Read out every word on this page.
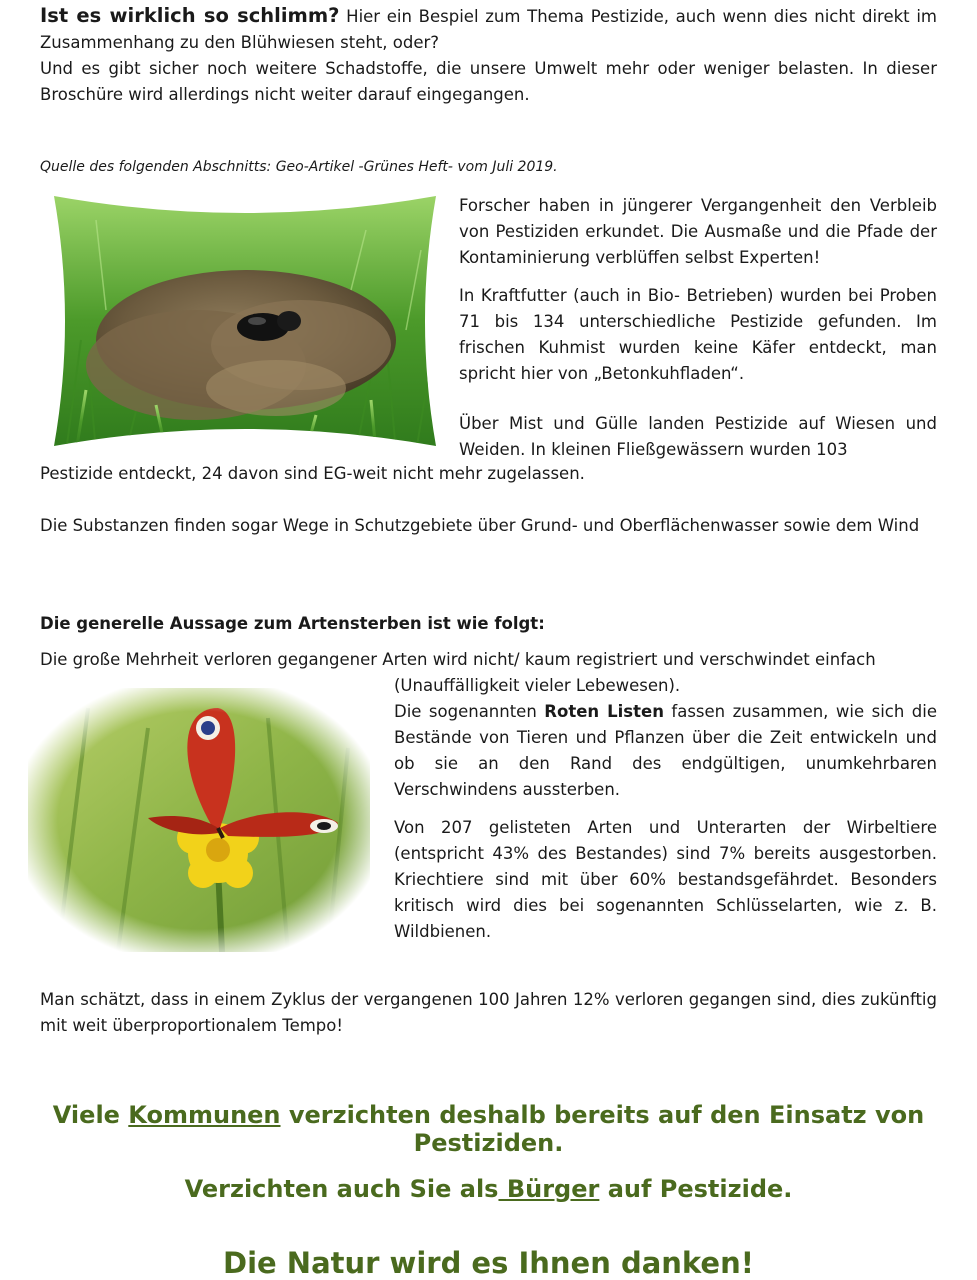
Ist es wirklich so schlimm? Hier ein Bespiel zum Thema Pestizide, auch wenn dies nicht direkt im Zusammenhang zu den Blühwiesen steht, oder?

Und es gibt sicher noch weitere Schadstoffe, die unsere Umwelt mehr oder weniger belasten. In dieser Broschüre wird allerdings nicht weiter darauf eingegangen.

Quelle des folgenden Abschnitts: Geo-Artikel -Grünes Heft- vom Juli 2019.

Forscher haben in jüngerer Vergangenheit den Verbleib von Pestiziden erkundet. Die Ausmaße und die Pfade der Kontaminierung verblüffen selbst Experten!

In Kraftfutter (auch in Bio- Betrieben) wurden bei Proben 71 bis 134 unterschiedliche Pestizide gefunden. Im frischen Kuhmist wurden keine Käfer entdeckt, man spricht hier von „Betonkuhfladen“.

Über Mist und Gülle landen Pestizide auf Wiesen und Weiden. In kleinen Fließgewässern wurden 103

Pestizide entdeckt, 24 davon sind EG-weit nicht mehr zugelassen.

Die Substanzen finden sogar Wege in Schutzgebiete über Grund- und Oberflächenwasser sowie dem Wind

Die generelle Aussage zum Artensterben ist wie folgt:

Die große Mehrheit verloren gegangener Arten wird nicht/ kaum registriert und verschwindet einfach

(Unauffälligkeit vieler Lebewesen).

Die sogenannten Roten Listen fassen zusammen, wie sich die Bestände von Tieren und Pflanzen über die Zeit entwickeln und ob sie an den Rand des endgültigen, unumkehrbaren Verschwindens aussterben.

Von 207 gelisteten Arten und Unterarten der Wirbeltiere (entspricht 43% des Bestandes) sind 7% bereits ausgestorben. Kriechtiere sind mit über 60% bestandsgefährdet. Besonders kritisch wird dies bei sogenannten Schlüsselarten, wie z. B. Wildbienen.

Man schätzt, dass in einem Zyklus der vergangenen 100 Jahren 12% verloren gegangen sind, dies zukünftig mit weit überproportionalem Tempo!

Viele Kommunen verzichten deshalb bereits auf den Einsatz von Pestiziden.
Verzichten auch Sie als Bürger auf Pestizide.
Die Natur wird es Ihnen danken!
